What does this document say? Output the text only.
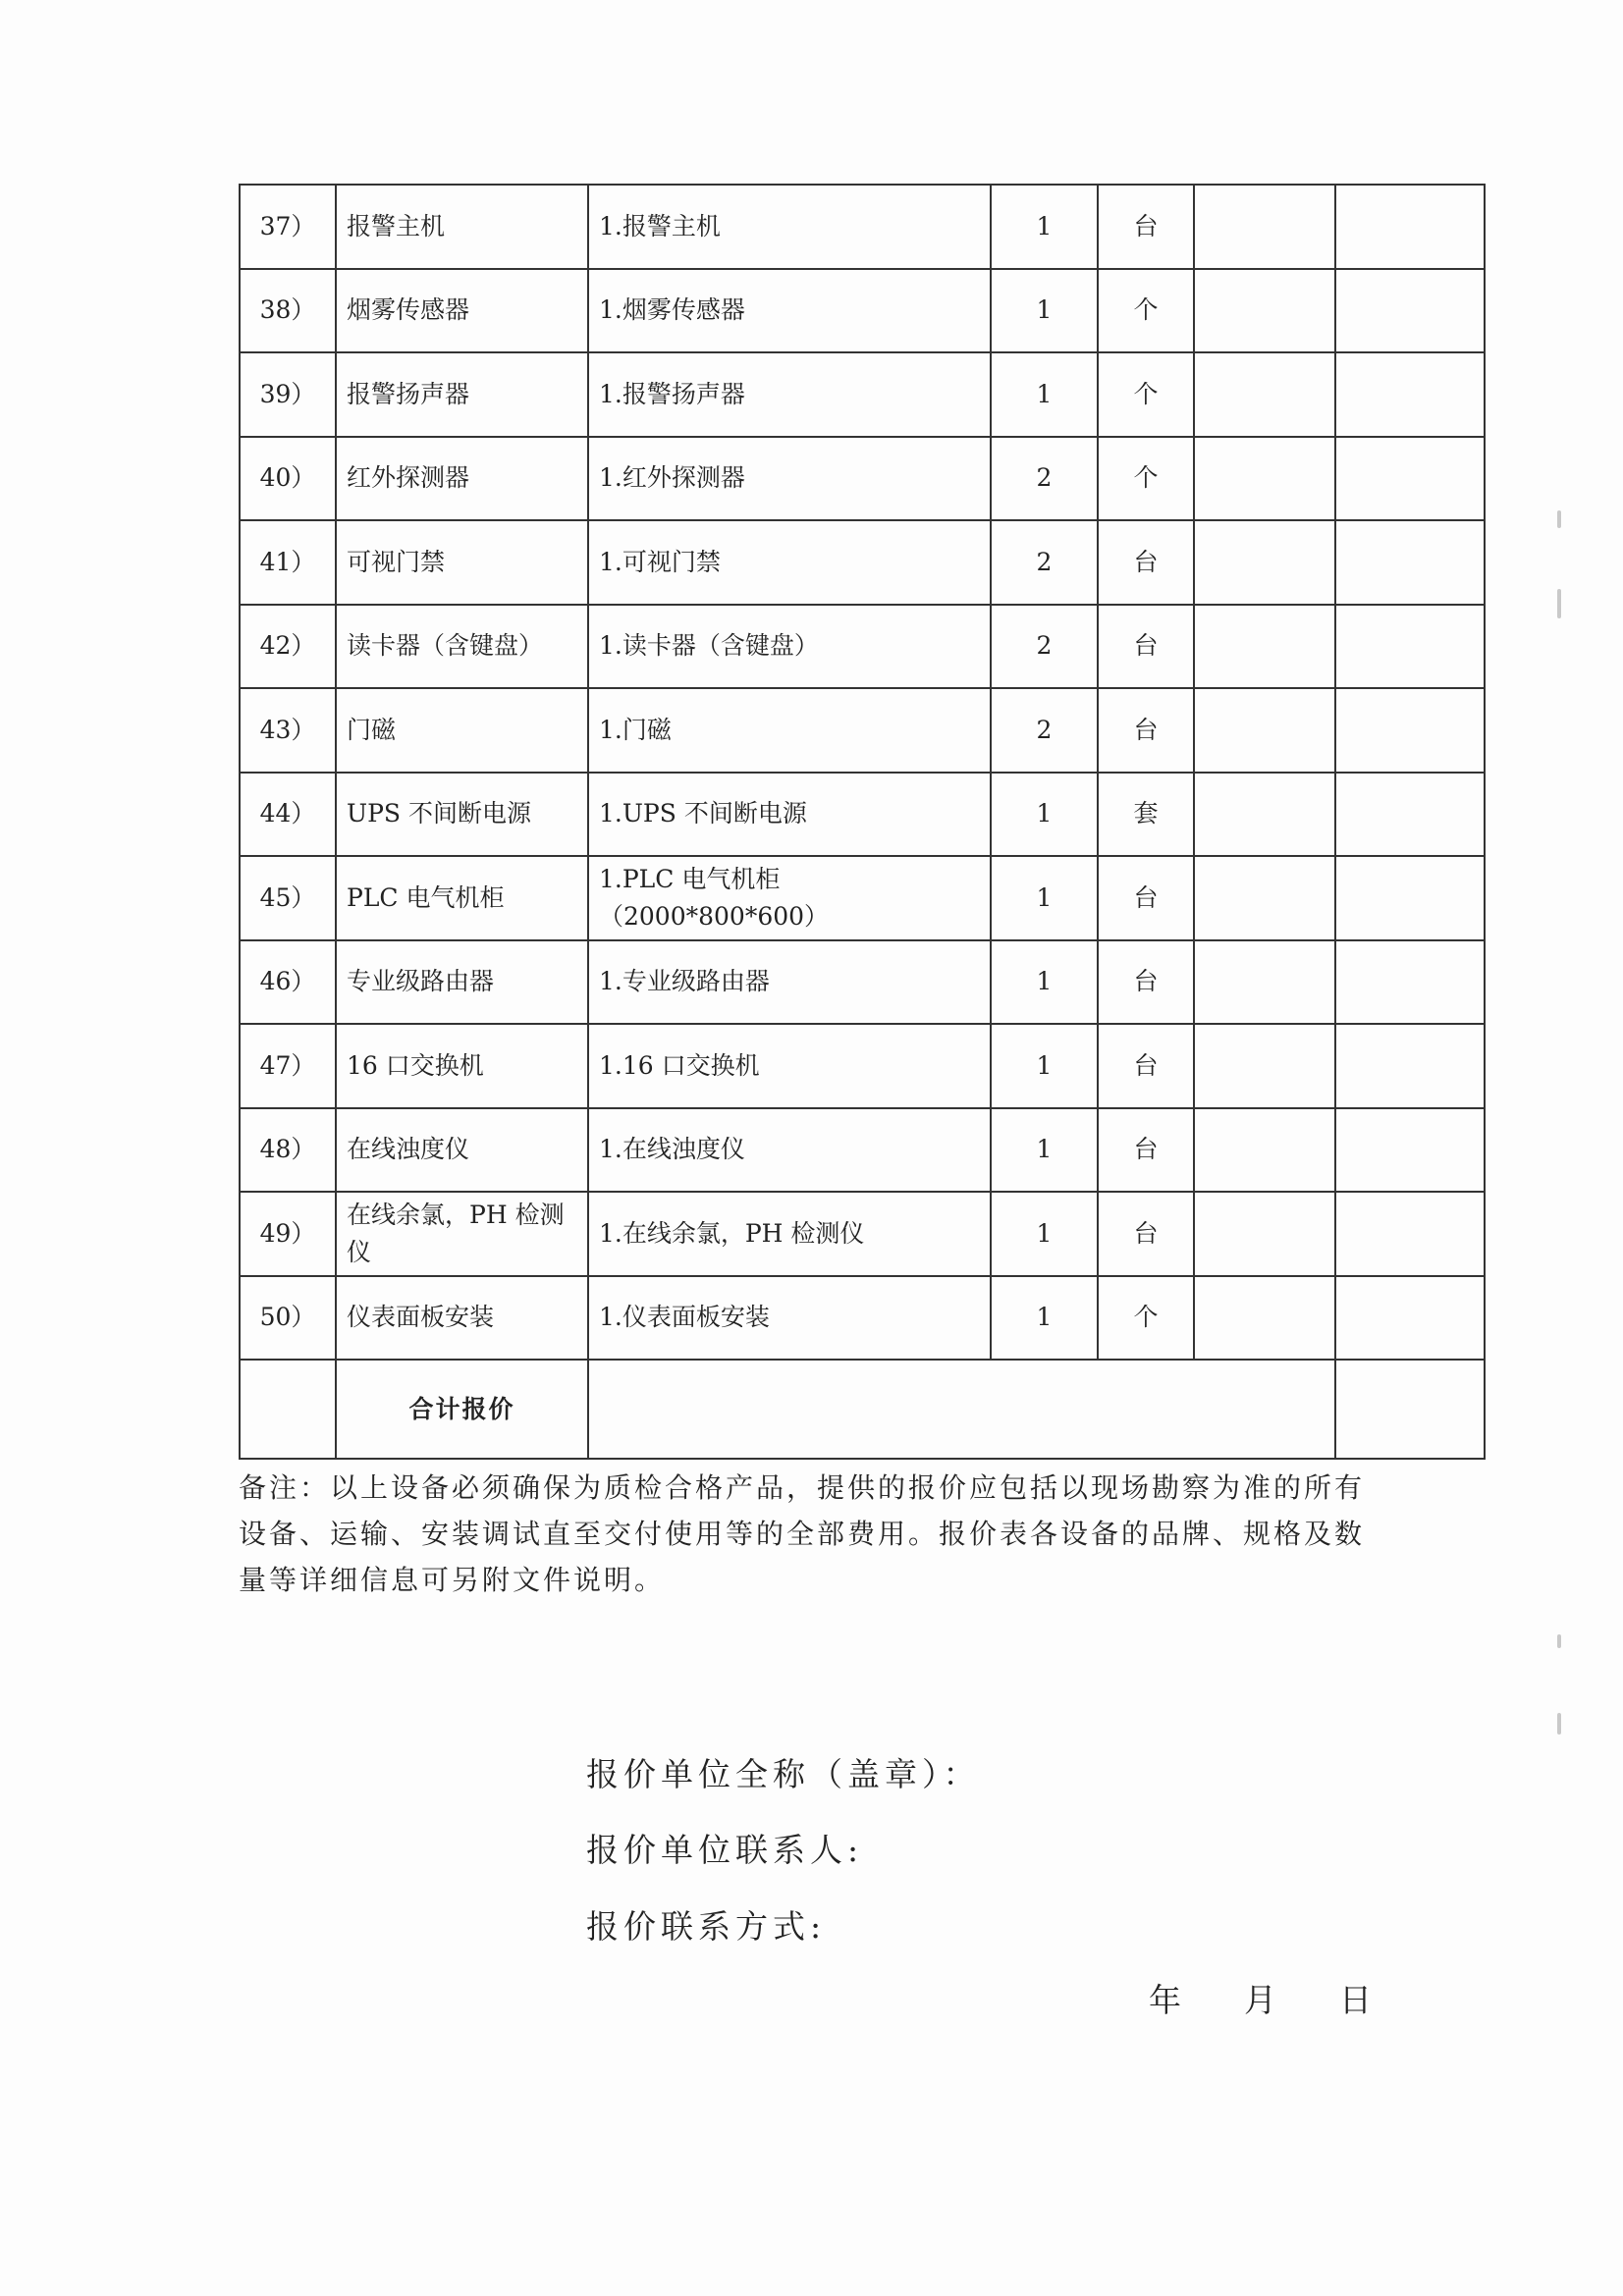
37）	报警主机	1.报警主机	1	台		
38）	烟雾传感器	1.烟雾传感器	1	个		
39）	报警扬声器	1.报警扬声器	1	个		
40）	红外探测器	1.红外探测器	2	个		
41）	可视门禁	1.可视门禁	2	台		
42）	读卡器（含键盘）	1.读卡器（含键盘）	2	台		
43）	门磁	1.门磁	2	台		
44）	UPS 不间断电源	1.UPS 不间断电源	1	套		
45）	PLC 电气机柜	1.PLC 电气机柜（2000*800*600）	1	台		
46）	专业级路由器	1.专业级路由器	1	台		
47）	16 口交换机	1.16 口交换机	1	台		
48）	在线浊度仪	1.在线浊度仪	1	台		
49）	在线余氯，PH 检测仪	1.在线余氯，PH 检测仪	1	台		
50）	仪表面板安装	1.仪表面板安装	1	个		
	合计报价					
备注：以上设备必须确保为质检合格产品，提供的报价应包括以现场勘察为准的所有设备、运输、安装调试直至交付使用等的全部费用。报价表各设备的品牌、规格及数量等详细信息可另附文件说明。
报价单位全称（盖章）：
报价单位联系人:
报价联系方式:
年 月 日
